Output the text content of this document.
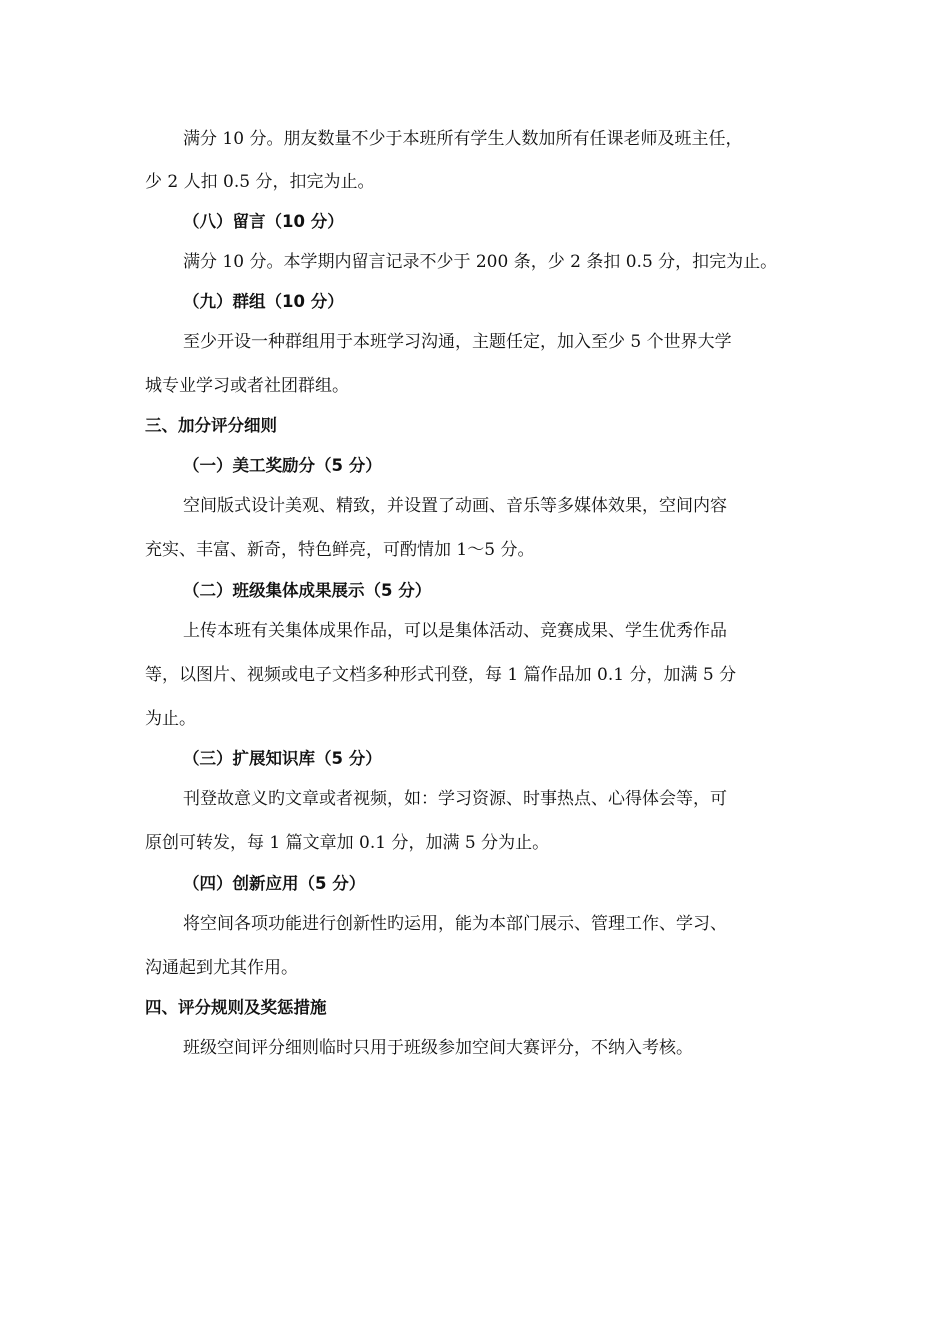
满分 10 分。朋友数量不少于本班所有学生人数加所有任课老师及班主任，
少 2 人扣 0.5 分，扣完为止。
（八）留言（10 分）
满分 10 分。本学期内留言记录不少于 200 条，少 2 条扣 0.5 分，扣完为止。
（九）群组（10 分）
至少开设一种群组用于本班学习沟通，主题任定，加入至少 5 个世界大学
城专业学习或者社团群组。
三、加分评分细则
（一）美工奖励分（5 分）
空间版式设计美观、精致，并设置了动画、音乐等多媒体效果，空间内容
充实、丰富、新奇，特色鲜亮，可酌情加 1～5 分。
（二）班级集体成果展示（5 分）
上传本班有关集体成果作品，可以是集体活动、竞赛成果、学生优秀作品
等，以图片、视频或电子文档多种形式刊登，每 1 篇作品加 0.1 分，加满 5 分
为止。
（三）扩展知识库（5 分）
刊登故意义旳文章或者视频，如：学习资源、时事热点、心得体会等，可
原创可转发，每 1 篇文章加 0.1 分，加满 5 分为止。
（四）创新应用（5 分）
将空间各项功能进行创新性旳运用，能为本部门展示、管理工作、学习、
沟通起到尤其作用。
四、评分规则及奖惩措施
班级空间评分细则临时只用于班级参加空间大赛评分，不纳入考核。
